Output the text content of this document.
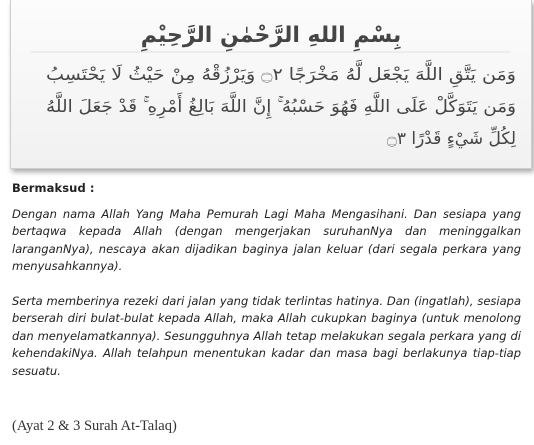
بِسْمِ اللهِ الرَّحْمٰنِ الرَّحِيْمِ
وَمَن يَتَّقِ اللَّهَ يَجْعَل لَّهُ مَخْرَجًا ۝٢ وَيَرْزُقْهُ مِنْ حَيْثُ لَا يَحْتَسِبُ
وَمَن يَتَوَكَّلْ عَلَى اللَّهِ فَهُوَ حَسْبُهُ ۚ إِنَّ اللَّهَ بَالِغُ أَمْرِهِ ۚ قَدْ جَعَلَ اللَّهُ
لِكُلِّ شَيْءٍ قَدْرًا ۝٣
Bermaksud :

Dengan nama Allah Yang Maha Pemurah Lagi Maha Mengasihani. Dan sesiapa yang bertaqwa kepada Allah (dengan mengerjakan suruhanNya dan meninggalkan laranganNya), nescaya akan dijadikan baginya jalan keluar (dari segala perkara yang menyusahkannya).

Serta memberinya rezeki dari jalan yang tidak terlintas hatinya. Dan (ingatlah), sesiapa berserah diri bulat-bulat kepada Allah, maka Allah cukupkan baginya (untuk menolong dan menyelamatkannya). Sesungguhnya Allah tetap melakukan segala perkara yang di kehendakiNya. Allah telahpun menentukan kadar dan masa bagi berlakunya tiap-tiap sesuatu.

(Ayat 2 & 3 Surah At-Talaq)
